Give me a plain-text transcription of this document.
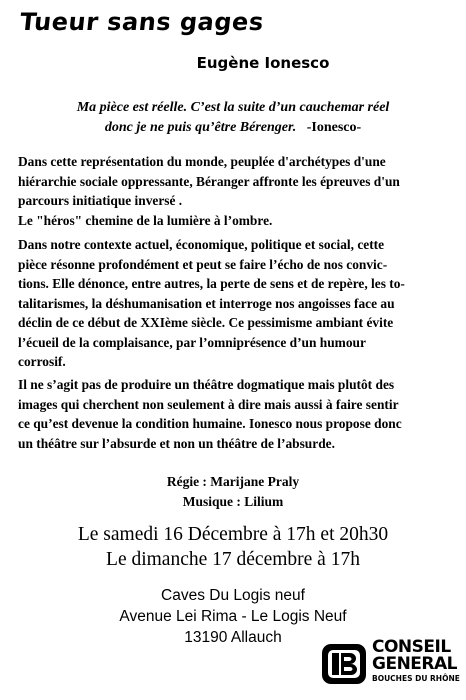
Tueur sans gages
Eugène Ionesco
Ma pièce est réelle. C’est la suite d’un cauchemar réel
donc je ne puis qu’être Bérenger. -Ionesco-
Dans cette représentation du monde, peuplée d'archétypes d'une
hiérarchie sociale oppressante, Béranger affronte les épreuves d'un
parcours initiatique inversé .
Le "héros" chemine de la lumière à l’ombre.
Dans notre contexte actuel, économique, politique et social, cette
pièce résonne profondément et peut se faire l’écho de nos convic-
tions. Elle dénonce, entre autres, la perte de sens et de repère, les to-
talitarismes, la déshumanisation et interroge nos angoisses face au
déclin de ce début de XXIème siècle. Ce pessimisme ambiant évite
l’écueil de la complaisance, par l’omniprésence d’un humour
corrosif.
Il ne s’agit pas de produire un théâtre dogmatique mais plutôt des
images qui cherchent non seulement à dire mais aussi à faire sentir
ce qu’est devenue la condition humaine. Ionesco nous propose donc
un théâtre sur l’absurde et non un théâtre de l’absurde.
Régie : Marijane Praly
Musique : Lilium
Le samedi 16 Décembre à 17h et 20h30
Le dimanche 17 décembre à 17h
Caves Du Logis neuf
Avenue Lei Rima - Le Logis Neuf
13190 Allauch	CONSEIL
GENERAL
BOUCHES DU RHÔNE
